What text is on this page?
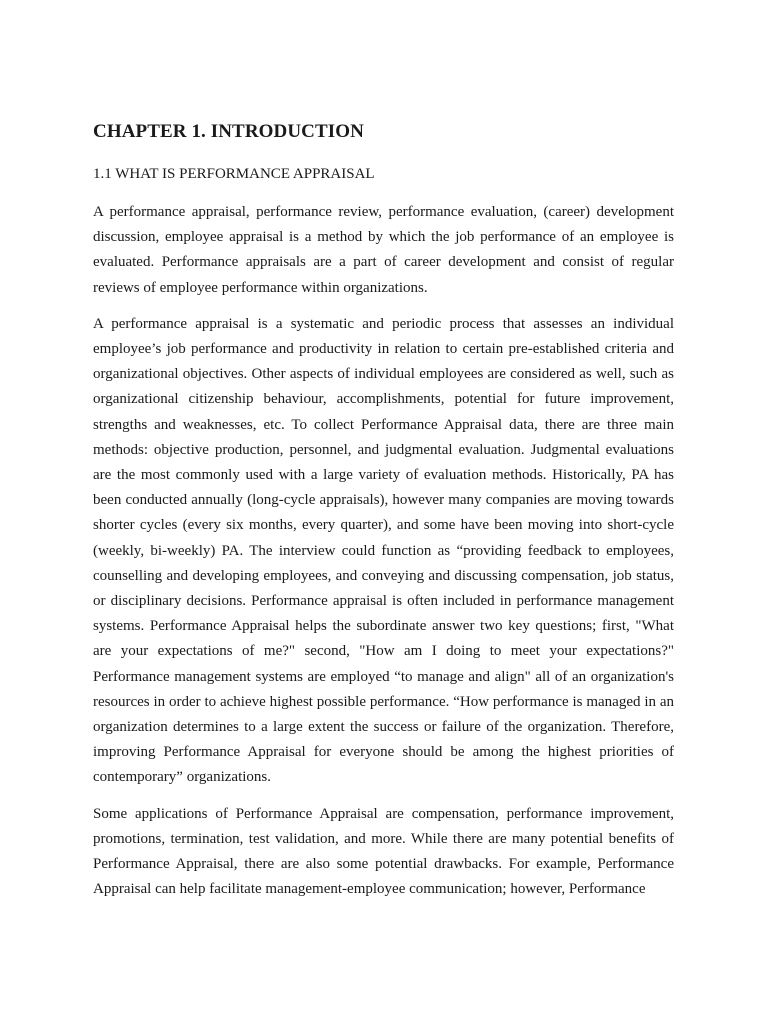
CHAPTER 1. INTRODUCTION
1.1 WHAT IS PERFORMANCE APPRAISAL

A performance appraisal, performance review, performance evaluation, (career) development discussion, employee appraisal is a method by which the job performance of an employee is evaluated. Performance appraisals are a part of career development and consist of regular reviews of employee performance within organizations.

A performance appraisal is a systematic and periodic process that assesses an individual employee’s job performance and productivity in relation to certain pre-established criteria and organizational objectives. Other aspects of individual employees are considered as well, such as organizational citizenship behaviour, accomplishments, potential for future improvement, strengths and weaknesses, etc. To collect Performance Appraisal data, there are three main methods: objective production, personnel, and judgmental evaluation. Judgmental evaluations are the most commonly used with a large variety of evaluation methods. Historically, PA has been conducted annually (long-cycle appraisals), however many companies are moving towards shorter cycles (every six months, every quarter), and some have been moving into short-cycle (weekly, bi-weekly) PA. The interview could function as “providing feedback to employees, counselling and developing employees, and conveying and discussing compensation, job status, or disciplinary decisions. Performance appraisal is often included in performance management systems. Performance Appraisal helps the subordinate answer two key questions; first, "What are your expectations of me?" second, "How am I doing to meet your expectations?" Performance management systems are employed “to manage and align" all of an organization's resources in order to achieve highest possible performance. “How performance is managed in an organization determines to a large extent the success or failure of the organization. Therefore, improving Performance Appraisal for everyone should be among the highest priorities of contemporary” organizations.

Some applications of Performance Appraisal are compensation, performance improvement, promotions, termination, test validation, and more. While there are many potential benefits of Performance Appraisal, there are also some potential drawbacks. For example, Performance Appraisal can help facilitate management-employee communication; however, Performance
